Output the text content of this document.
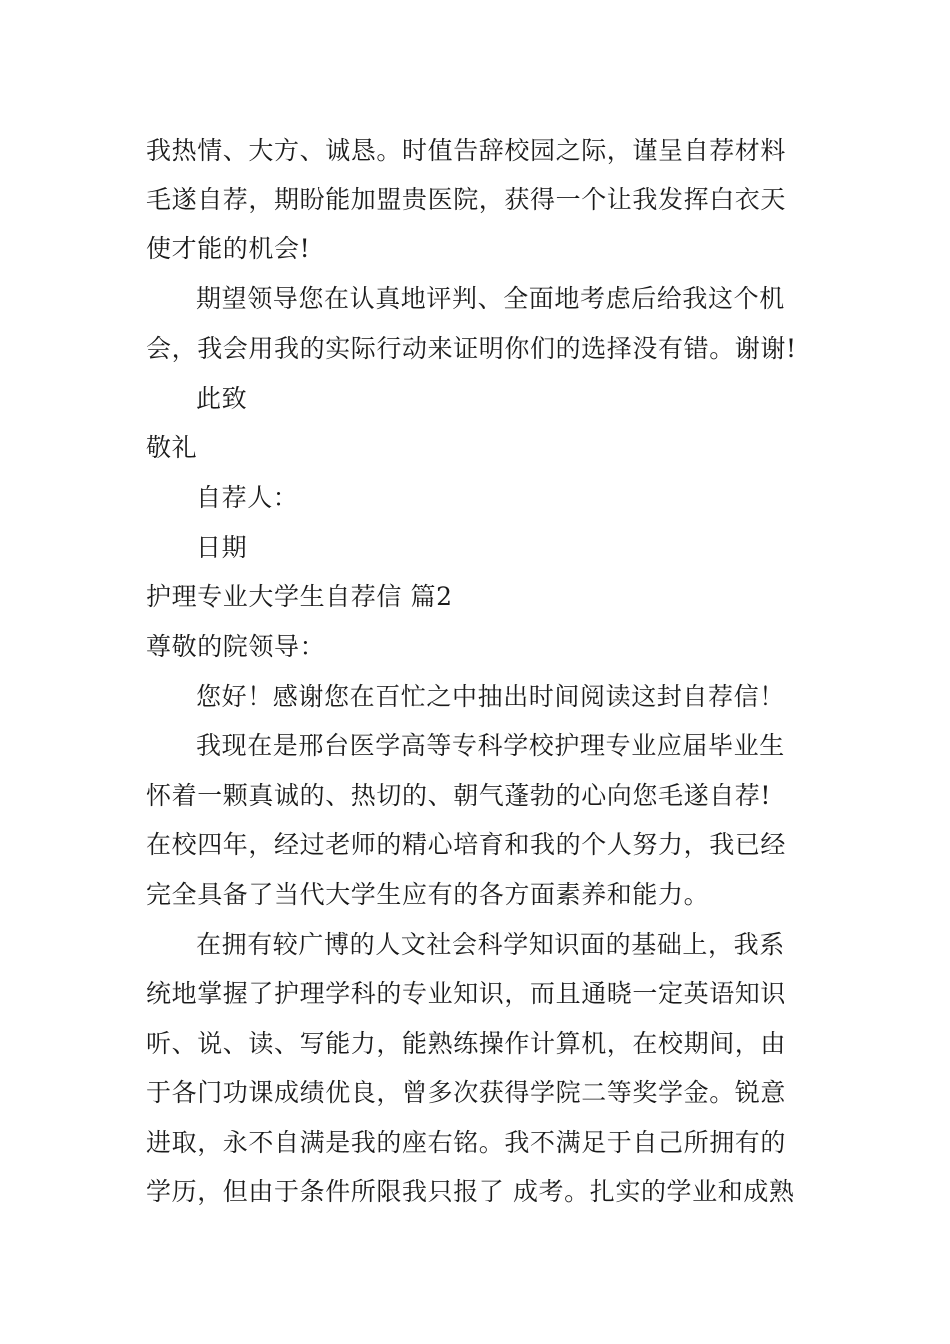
我热情、大方、诚恳。时值告辞校园之际，谨呈自荐材料
毛遂自荐，期盼能加盟贵医院，获得一个让我发挥白衣天
使才能的机会!
期望领导您在认真地评判、全面地考虑后给我这个机
会，我会用我的实际行动来证明你们的选择没有错。谢谢!
此致
敬礼
自荐人：
日期
护理专业大学生自荐信 篇2
尊敬的院领导：
您好！感谢您在百忙之中抽出时间阅读这封自荐信！
我现在是邢台医学高等专科学校护理专业应届毕业生
怀着一颗真诚的、热切的、朝气蓬勃的心向您毛遂自荐!
在校四年，经过老师的精心培育和我的个人努力，我已经
完全具备了当代大学生应有的各方面素养和能力。
在拥有较广博的人文社会科学知识面的基础上，我系
统地掌握了护理学科的专业知识，而且通晓一定英语知识
听、说、读、写能力，能熟练操作计算机，在校期间，由
于各门功课成绩优良，曾多次获得学院二等奖学金。锐意
进取，永不自满是我的座右铭。我不满足于自己所拥有的
学历，但由于条件所限我只报了 成考。扎实的学业和成熟
